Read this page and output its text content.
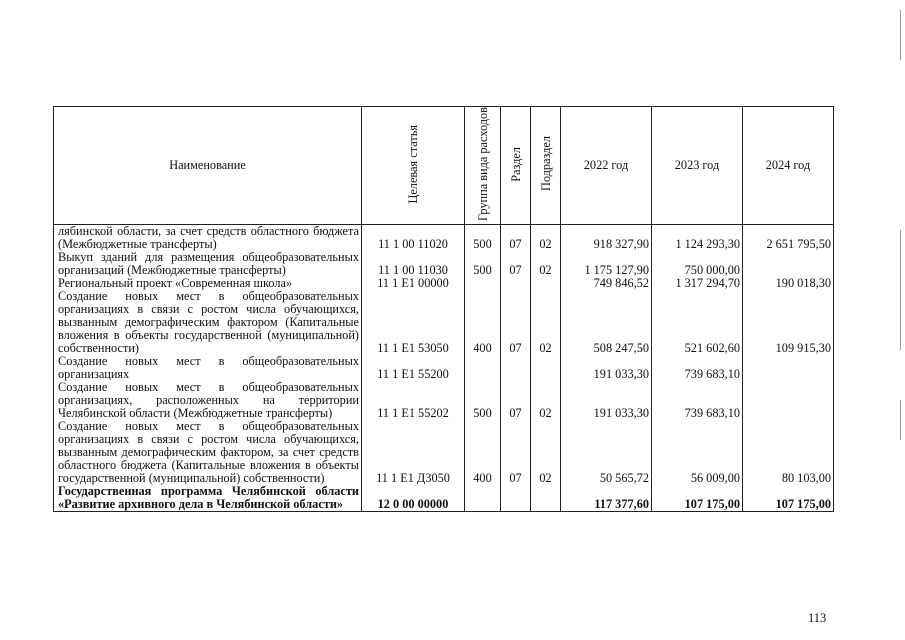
Наименование	Целевая статья	Группа вида расходов	Раздел	Подраздел	2022 год	2023 год	2024 год
лябинской области, за счет средств областного бюджета (Межбюджетные трансферты)	11 1 00 11020	500	07	02	918 327,90	1 124 293,30	2 651 795,50
Выкуп зданий для размещения общеобразовательных организаций (Межбюджетные трансферты)	11 1 00 11030	500	07	02	1 175 127,90	750 000,00	
Региональный проект «Современная школа»	11 1 E1 00000				749 846,52	1 317 294,70	190 018,30
Создание новых мест в общеобразовательных организациях в связи с ростом числа обучающихся, вызванным демографическим фактором (Капитальные вложения в объекты государственной (муниципальной) собственности)	11 1 E1 53050	400	07	02	508 247,50	521 602,60	109 915,30
Создание новых мест в общеобразовательных организациях	11 1 E1 55200				191 033,30	739 683,10	
Создание новых мест в общеобразовательных организациях, расположенных на территории Челябинской области (Межбюджетные трансферты)	11 1 E1 55202	500	07	02	191 033,30	739 683,10	
Создание новых мест в общеобразовательных организациях в связи с ростом числа обучающихся, вызванным демографическим фактором, за счет средств областного бюджета (Капитальные вложения в объекты государственной (муниципальной) собственности)	11 1 E1 Д3050	400	07	02	50 565,72	56 009,00	80 103,00
Государственная программа Челябинской области «Развитие архивного дела в Челябинской области»	12 0 00 00000				117 377,60	107 175,00	107 175,00
113
